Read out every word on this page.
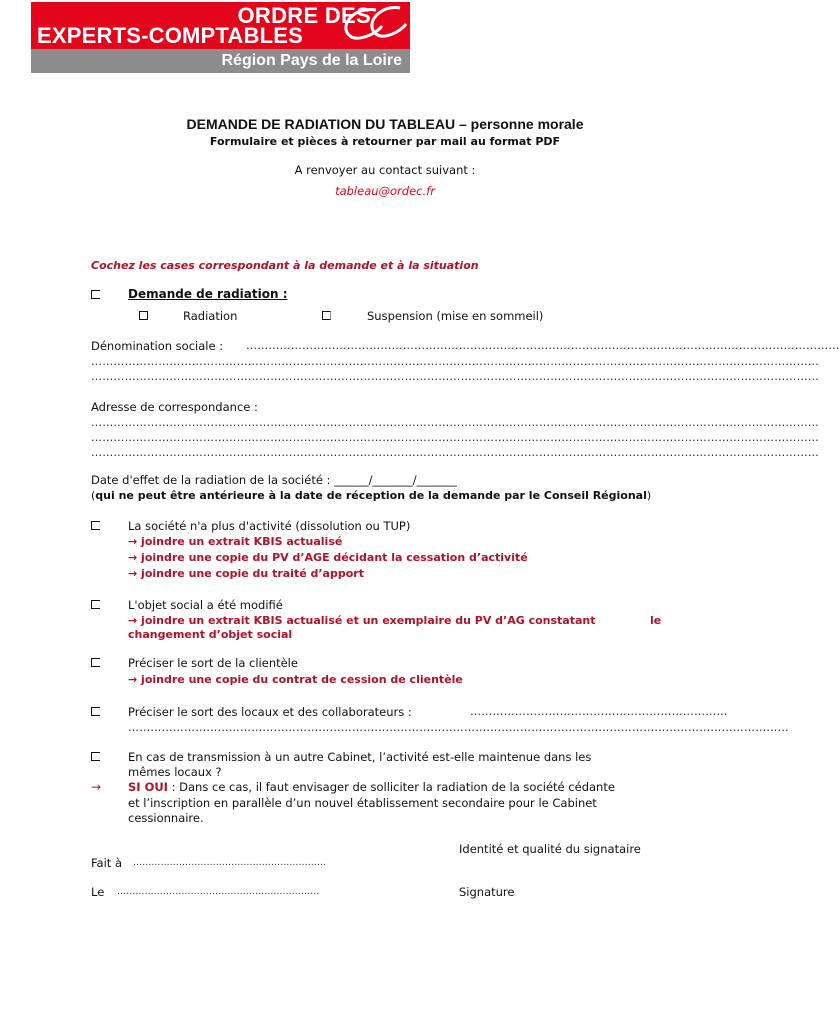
ORDRE DES
EXPERTS-COMPTABLES
Région Pays de la Loire
DEMANDE DE RADIATION DU TABLEAU – personne morale
Formulaire et pièces à retourner par mail au format PDF
A renvoyer au contact suivant :
tableau@ordec.fr
Cochez les cases correspondant à la demande et à la situation
Demande de radiation :
Radiation	Suspension (mise en sommeil)
Dénomination sociale : ……………………………………………………………………………………………………………………………………………
……………………………………………………………………………………………………………………………………………………………………………
……………………………………………………………………………………………………………………………………………………………………………
Adresse de correspondance :
……………………………………………………………………………………………………………………………………………………………………………
……………………………………………………………………………………………………………………………………………………………………………
……………………………………………………………………………………………………………………………………………………………………………
Date d'effet de la radiation de la société : ______/_______/_______
(qui ne peut être antérieure à la date de réception de la demande par le Conseil Régional)
La société n'a plus d'activité (dissolution ou TUP)
→ joindre un extrait KBIS actualisé
→ joindre une copie du PV d’AGE décidant la cessation d’activité
→ joindre une copie du traité d’apport
L'objet social a été modifié
→ joindre un extrait KBIS actualisé et un exemplaire du PV d’AG constatant	le
changement d’objet social
Préciser le sort de la clientèle
→ joindre une copie du contrat de cession de clientèle
Préciser le sort des locaux et des collaborateurs :	……………………………………………………………
……………………………………………………………………………………………………………………………………………………………
En cas de transmission à un autre Cabinet, l’activité est-elle maintenue dans les
mêmes locaux ?
→ SI OUI : Dans ce cas, il faut envisager de solliciter la radiation de la société cédante
et l’inscription en parallèle d’un nouvel établissement secondaire pour le Cabinet
cessionnaire.
Identité et qualité du signataire
Fait à ………………………………………………………
Le …………………………………………………………	Signature
